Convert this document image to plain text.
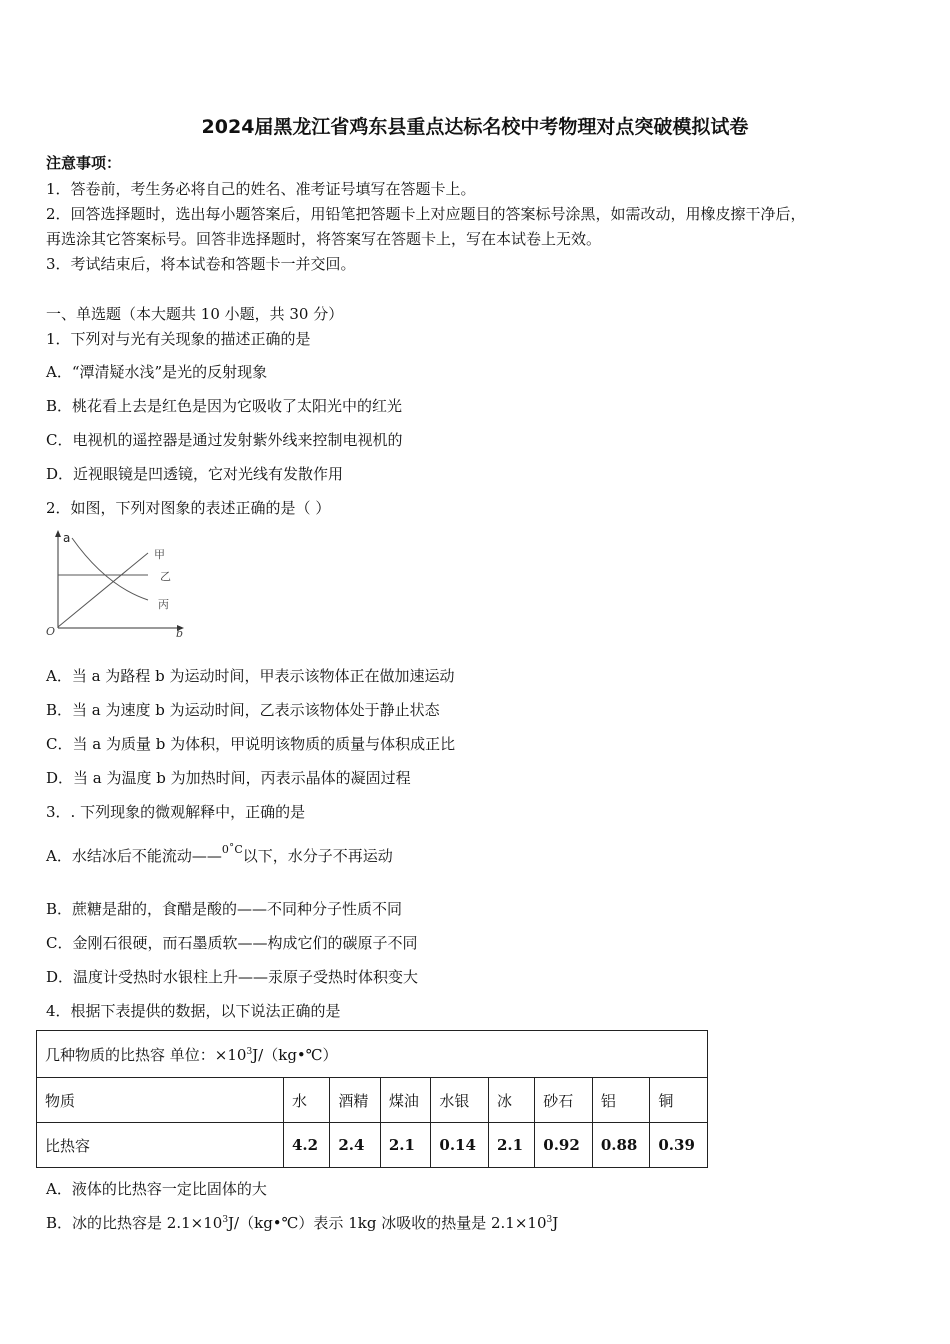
2024届黑龙江省鸡东县重点达标名校中考物理对点突破模拟试卷
注意事项：
1．答卷前，考生务必将自己的姓名、准考证号填写在答题卡上。
2．回答选择题时，选出每小题答案后，用铅笔把答题卡上对应题目的答案标号涂黑，如需改动，用橡皮擦干净后，
再选涂其它答案标号。回答非选择题时，将答案写在答题卡上，写在本试卷上无效。
3．考试结束后，将本试卷和答题卡一并交回。
一、单选题（本大题共 10 小题，共 30 分）
1．下列对与光有关现象的描述正确的是
A．“潭清疑水浅”是光的反射现象
B．桃花看上去是红色是因为它吸收了太阳光中的红光
C．电视机的遥控器是通过发射紫外线来控制电视机的
D．近视眼镜是凹透镜，它对光线有发散作用
2．如图，下列对图象的表述正确的是（ ）
a
O	b
甲
乙
丙
A．当 a 为路程 b 为运动时间，甲表示该物体正在做加速运动
B．当 a 为速度 b 为运动时间，乙表示该物体处于静止状态
C．当 a 为质量 b 为体积，甲说明该物质的质量与体积成正比
D．当 a 为温度 b 为加热时间，丙表示晶体的凝固过程
3．. 下列现象的微观解释中，正确的是
A．水结冰后不能流动——$^{0˚C}$以下，水分子不再运动
B．蔗糖是甜的，食醋是酸的——不同种分子性质不同
C．金刚石很硬，而石墨质软——构成它们的碳原子不同
D．温度计受热时水银柱上升——汞原子受热时体积变大
4．根据下表提供的数据，以下说法正确的是
几种物质的比热容 单位：$\times 10^3J/(kg•℃)$								
物质	水	酒精	煤油	水银	冰	砂石	铝	铜
比热容	4.2	2.4	2.1	0.14	2.1	0.92	0.88	0.39
A．液体的比热容一定比固体的大
B．冰的比热容是 $2.1\times 10^3J/(kg•℃)$表示 1kg 冰吸收的热量是 $2.1\times 10^3J$
